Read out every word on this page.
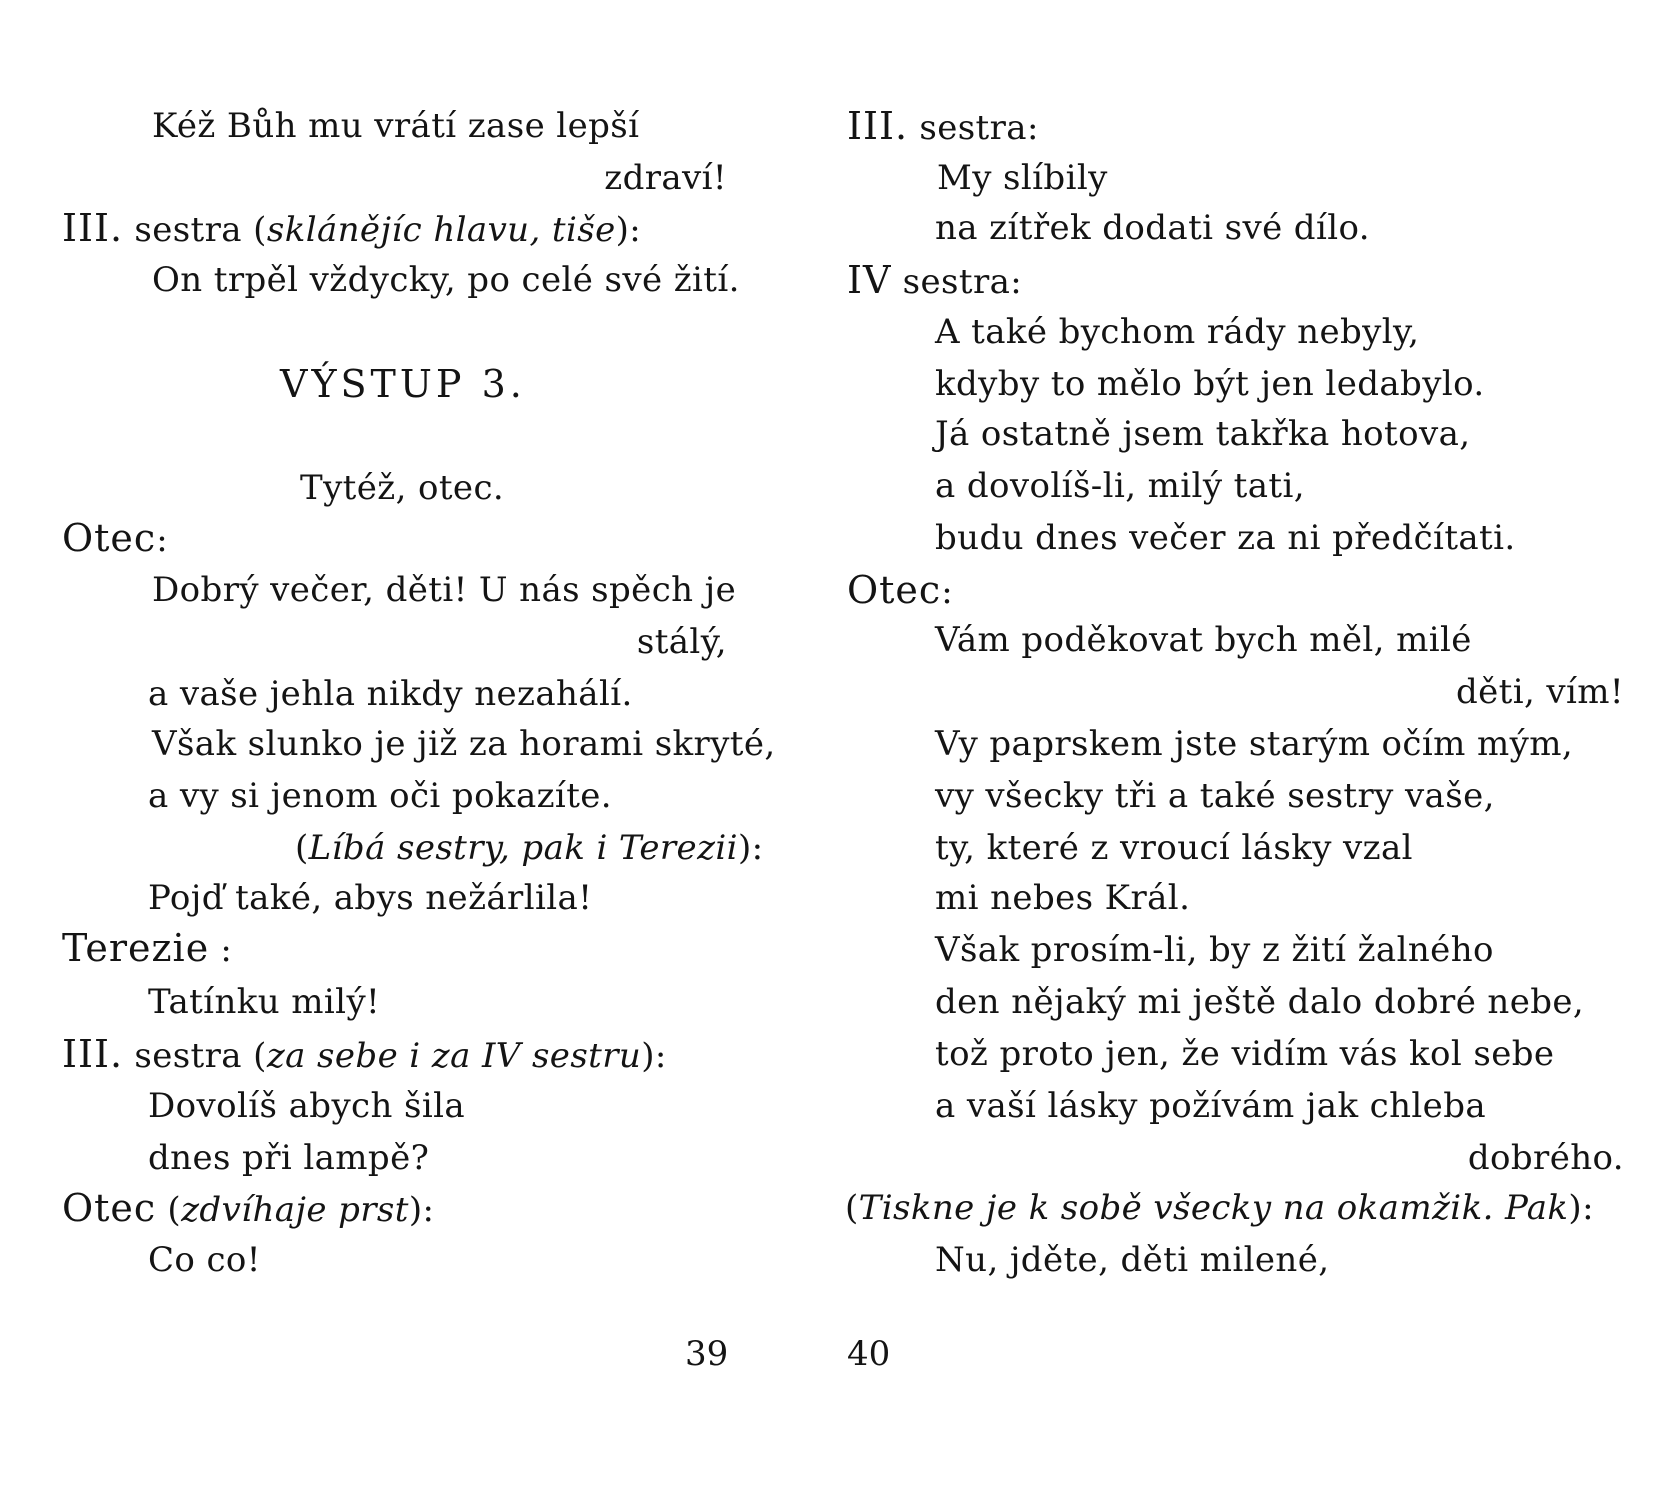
Kéž Bůh mu vrátí zase lepší
zdraví!
III. sestra (sklánějíc hlavu, tiše):
On trpěl vždycky, po celé své žití.
VÝSTUP 3.
Tytéž, otec.
Otec:
Dobrý večer, děti! U nás spěch je
stálý,
a vaše jehla nikdy nezahálí.
Však slunko je již za horami skryté,
a vy si jenom oči pokazíte.
(Líbá sestry, pak i Terezii):
Pojď také, abys nežárlila!
Terezie :
Tatínku milý!
III. sestra (za sebe i za IV sestru):
Dovolíš abych šila
dnes při lampě?
Otec (zdvíhaje prst):
Co co!
39
III. sestra:
My slíbily
na zítřek dodati své dílo.
IV sestra:
A také bychom rády nebyly,
kdyby to mělo být jen ledabylo.
Já ostatně jsem takřka hotova,
a dovolíš-li, milý tati,
budu dnes večer za ni předčítati.
Otec:
Vám poděkovat bych měl, milé
děti, vím!
Vy paprskem jste starým očím mým,
vy všecky tři a také sestry vaše,
ty, které z vroucí lásky vzal
mi nebes Král.
Však prosím-li, by z žití žalného
den nějaký mi ještě dalo dobré nebe,
tož proto jen, že vidím vás kol sebe
a vaší lásky požívám jak chleba
dobrého.
(Tiskne je k sobě všecky na okamžik. Pak):
Nu, jděte, děti milené,
40
